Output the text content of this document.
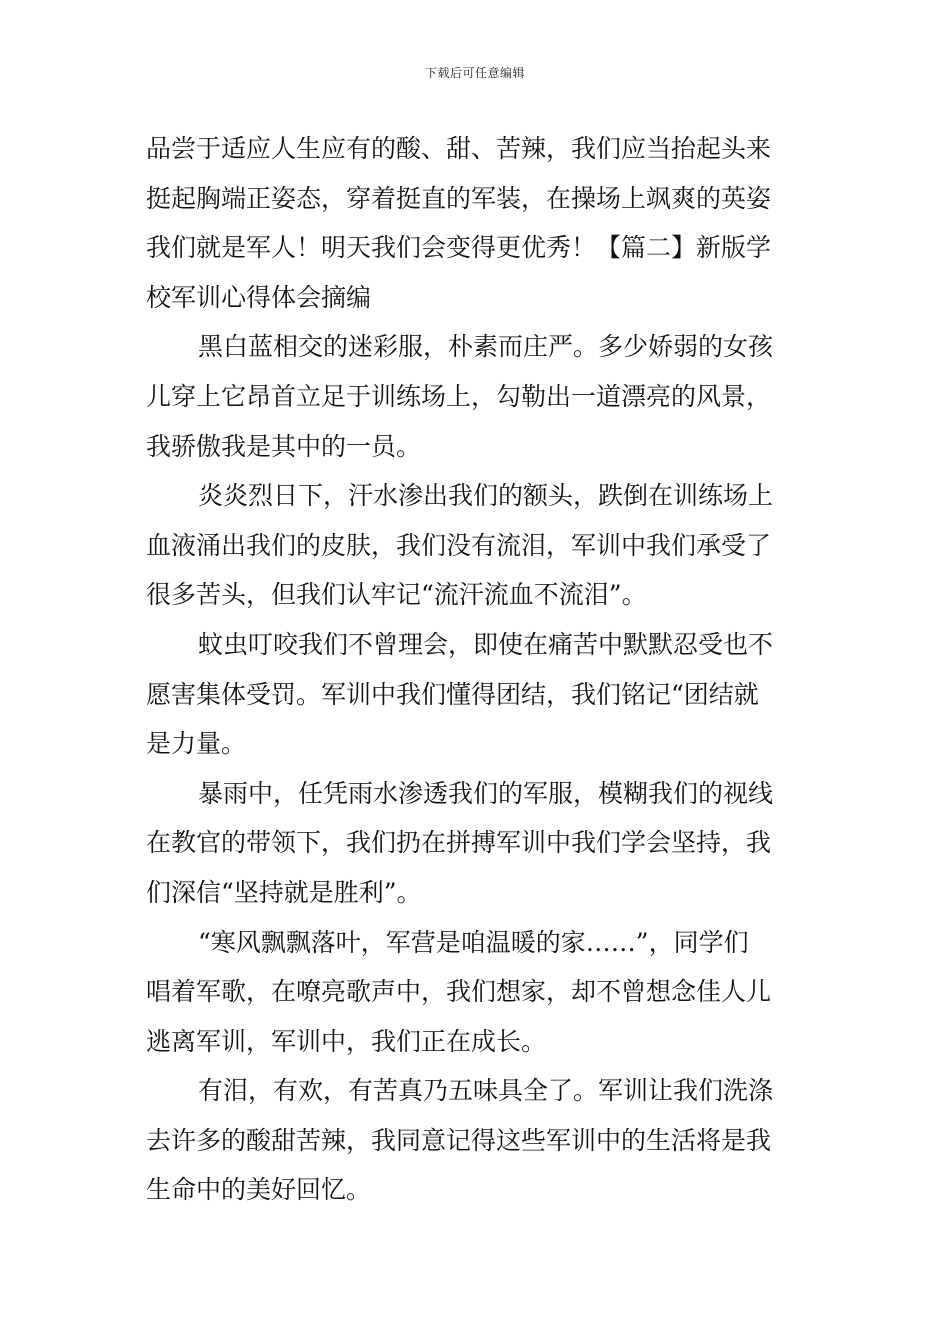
下载后可任意编辑
品尝于适应人生应有的酸、甜、苦辣，我们应当抬起头来
挺起胸端正姿态，穿着挺直的军装，在操场上飒爽的英姿
我们就是军人！明天我们会变得更优秀！【篇二】新版学
校军训心得体会摘编
黑白蓝相交的迷彩服，朴素而庄严。多少娇弱的女孩
儿穿上它昂首立足于训练场上，勾勒出一道漂亮的风景，
我骄傲我是其中的一员。
炎炎烈日下，汗水渗出我们的额头，跌倒在训练场上
血液涌出我们的皮肤，我们没有流泪，军训中我们承受了
很多苦头，但我们认牢记“流汗流血不流泪”。
蚊虫叮咬我们不曾理会，即使在痛苦中默默忍受也不
愿害集体受罚。军训中我们懂得团结，我们铭记“团结就
是力量。
暴雨中，任凭雨水渗透我们的军服，模糊我们的视线
在教官的带领下，我们扔在拼搏军训中我们学会坚持，我
们深信“坚持就是胜利”。
“寒风飘飘落叶，军营是咱温暖的家……”，同学们
唱着军歌，在嘹亮歌声中，我们想家，却不曾想念佳人儿
逃离军训，军训中，我们正在成长。
有泪，有欢，有苦真乃五味具全了。军训让我们洗涤
去许多的酸甜苦辣，我同意记得这些军训中的生活将是我
生命中的美好回忆。
